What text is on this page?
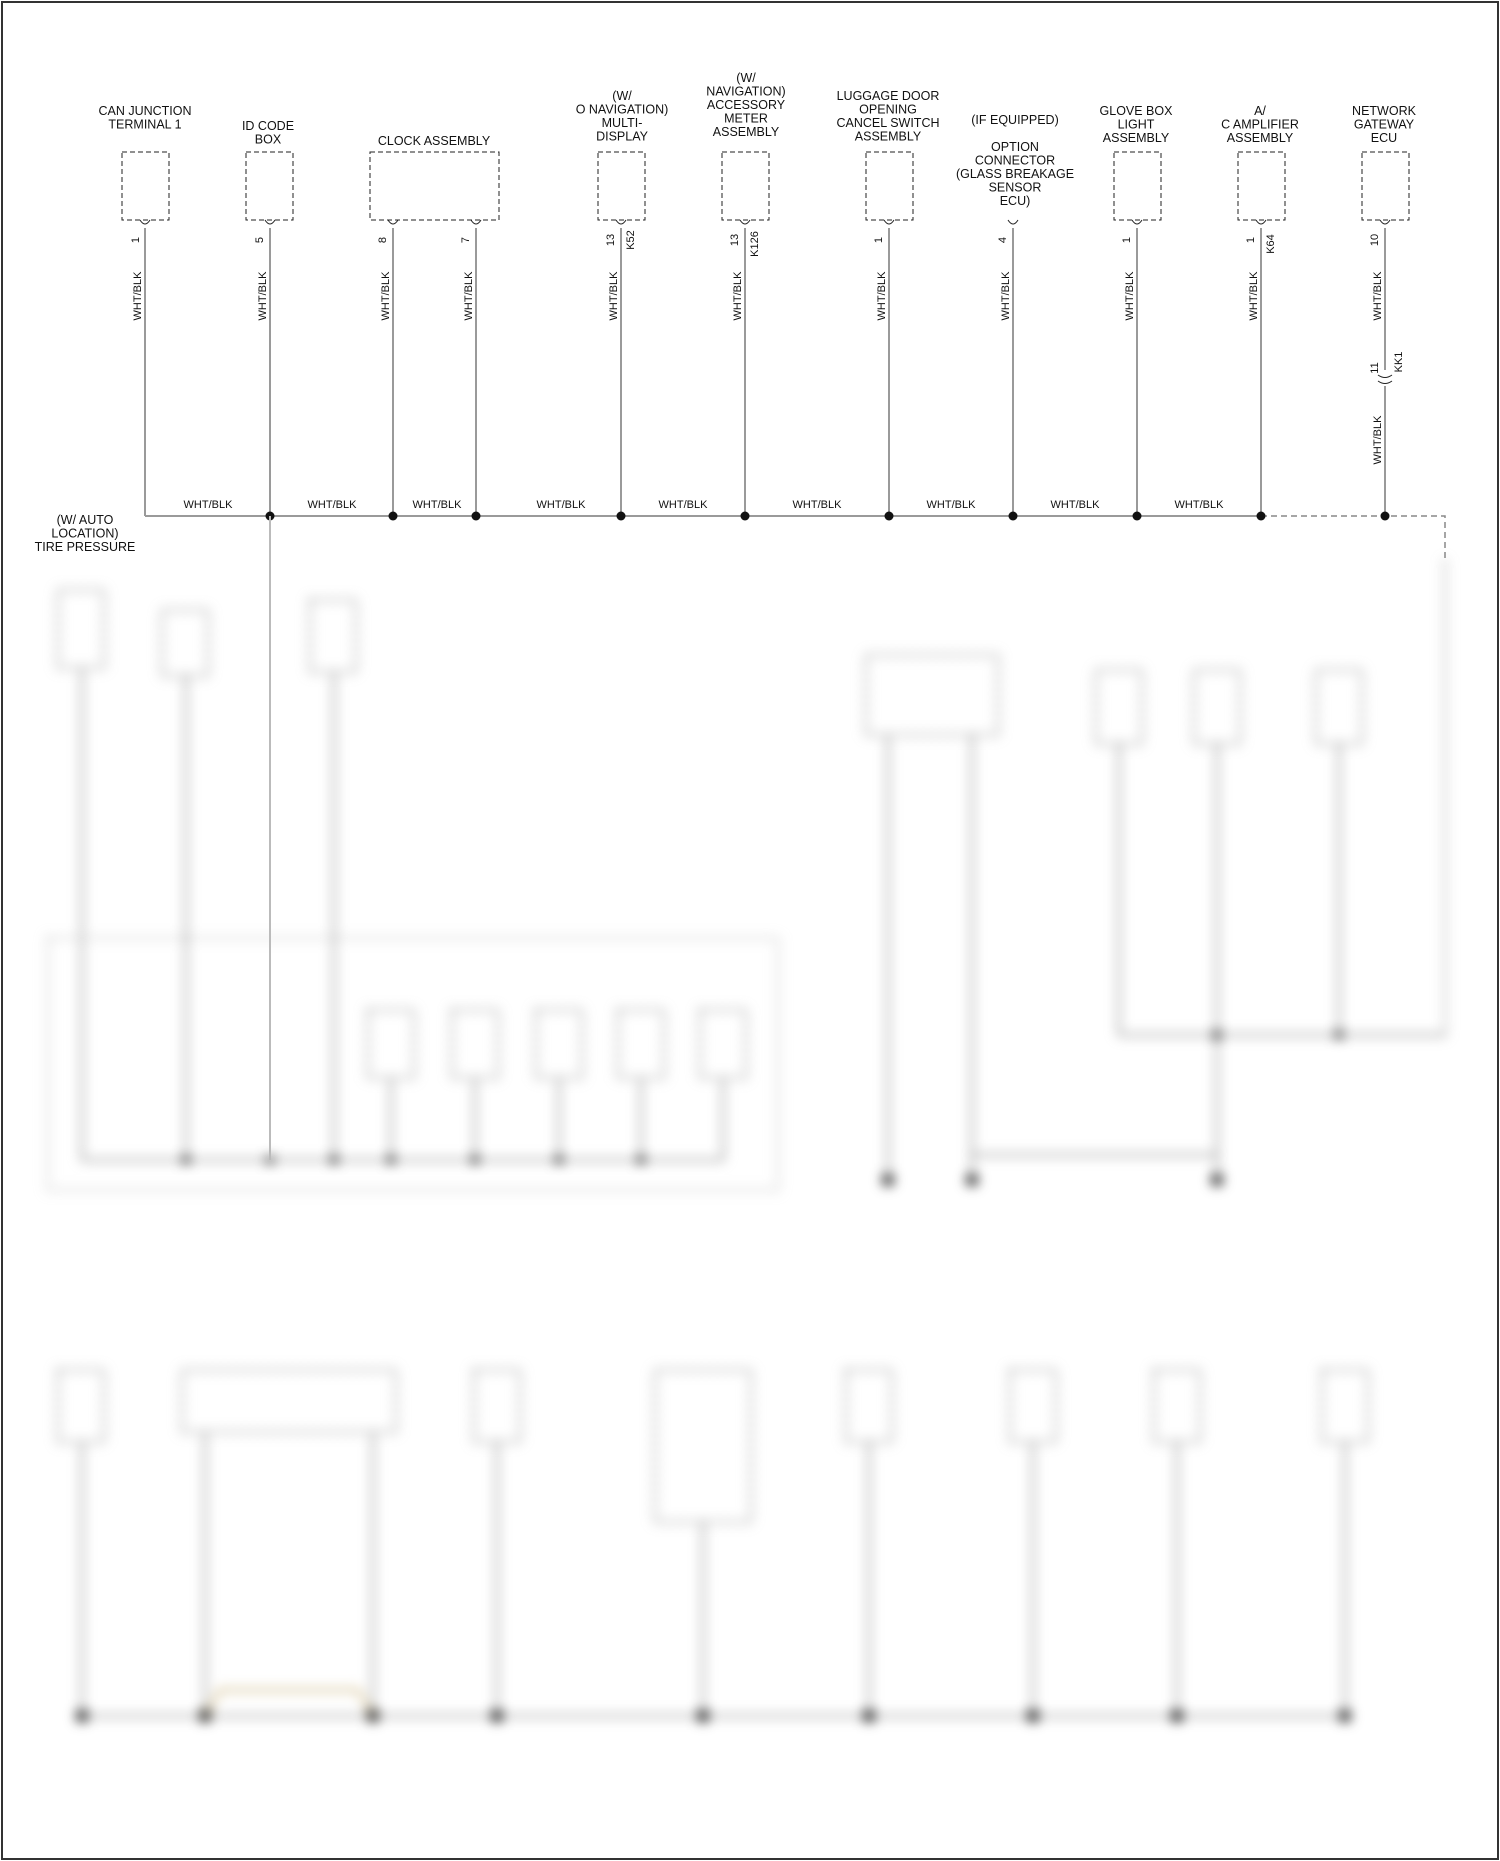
CAN JUNCTION TERMINAL 1
1
ID CODE BOX
5
CLOCK ASSEMBLY
8	7
(W/ O NAVIGATION) MULTI-DISPLAY
13 K52
(W/ NAVIGATION) ACCESSORY METER ASSEMBLY
13 K126
LUGGAGE DOOR OPENING CANCEL SWITCH ASSEMBLY
1
(IF EQUIPPED) OPTION CONNECTOR (GLASS BREAKAGE SENSOR ECU)
4
GLOVE BOX LIGHT ASSEMBLY
1
A/ C AMPLIFIER ASSEMBLY
1 K64
NETWORK GATEWAY ECU
10
11 KK1
WHT/BLK	WHT/BLK	WHT/BLK	WHT/BLK	WHT/BLK	WHT/BLK	WHT/BLK	WHT/BLK	WHT/BLK	WHT/BLK	WHT/BLK
WHT/BLK
WHT/BLK	WHT/BLK	WHT/BLK	WHT/BLK	WHT/BLK	WHT/BLK	WHT/BLK	WHT/BLK	WHT/BLK
(W/ AUTO LOCATION) TIRE PRESSURE
